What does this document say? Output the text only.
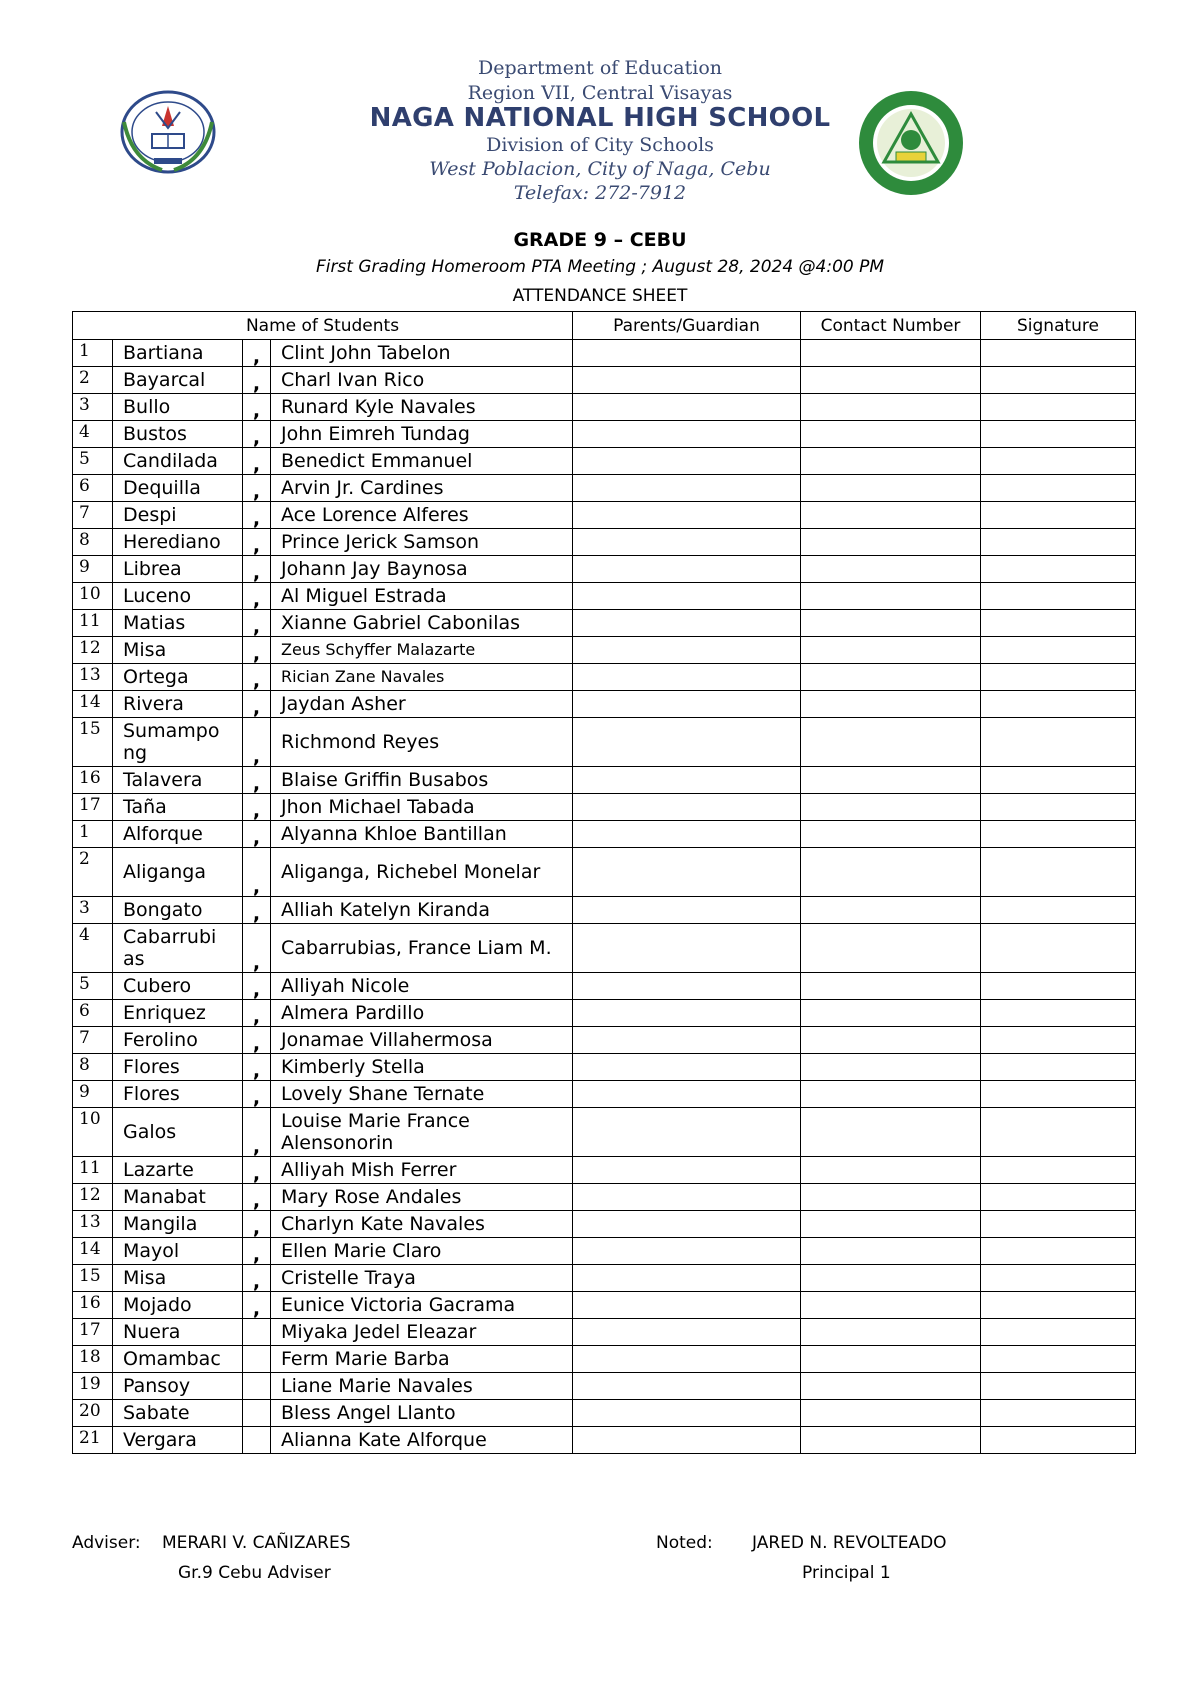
Department of Education
Region VII, Central Visayas
NAGA NATIONAL HIGH SCHOOL
Division of City Schools
West Poblacion, City of Naga, Cebu
Telefax: 272-7912
GRADE 9 – CEBU
First Grading Homeroom PTA Meeting ; August 28, 2024 @4:00 PM
ATTENDANCE SHEET
Name of Students				Parents/Guardian	Contact Number	Signature
1	Bartiana	,	Clint John Tabelon			
2	Bayarcal	,	Charl Ivan Rico			
3	Bullo	,	Runard Kyle Navales			
4	Bustos	,	John Eimreh Tundag			
5	Candilada	,	Benedict Emmanuel			
6	Dequilla	,	Arvin Jr. Cardines			
7	Despi	,	Ace Lorence Alferes			
8	Herediano	,	Prince Jerick Samson			
9	Librea	,	Johann Jay Baynosa			
10	Luceno	,	Al Miguel Estrada			
11	Matias	,	Xianne Gabriel Cabonilas			
12	Misa	,	Zeus Schyffer Malazarte			
13	Ortega	,	Rician Zane Navales			
14	Rivera	,	Jaydan Asher			
15	Sumampo ng	,	Richmond Reyes			
16	Talavera	,	Blaise Griffin Busabos			
17	Taña	,	Jhon Michael Tabada			
1	Alforque	,	Alyanna Khloe Bantillan			
2	Aliganga	,	Aliganga, Richebel Monelar			
3	Bongato	,	Alliah Katelyn Kiranda			
4	Cabarrubi as	,	Cabarrubias, France Liam M.			
5	Cubero	,	Alliyah Nicole			
6	Enriquez	,	Almera Pardillo			
7	Ferolino	,	Jonamae Villahermosa			
8	Flores	,	Kimberly Stella			
9	Flores	,	Lovely Shane Ternate			
10	Galos	,	Louise Marie France Alensonorin			
11	Lazarte	,	Alliyah Mish Ferrer			
12	Manabat	,	Mary Rose Andales			
13	Mangila	,	Charlyn Kate Navales			
14	Mayol	,	Ellen Marie Claro			
15	Misa	,	Cristelle Traya			
16	Mojado	,	Eunice Victoria Gacrama			
17	Nuera		Miyaka Jedel Eleazar			
18	Omambac		Ferm Marie Barba			
19	Pansoy		Liane Marie Navales			
20	Sabate		Bless Angel Llanto			
21	Vergara		Alianna Kate Alforque			
Adviser: MERARI V. CAÑIZARES
Gr.9 Cebu Adviser
Noted: JARED N. REVOLTEADO
Principal 1
